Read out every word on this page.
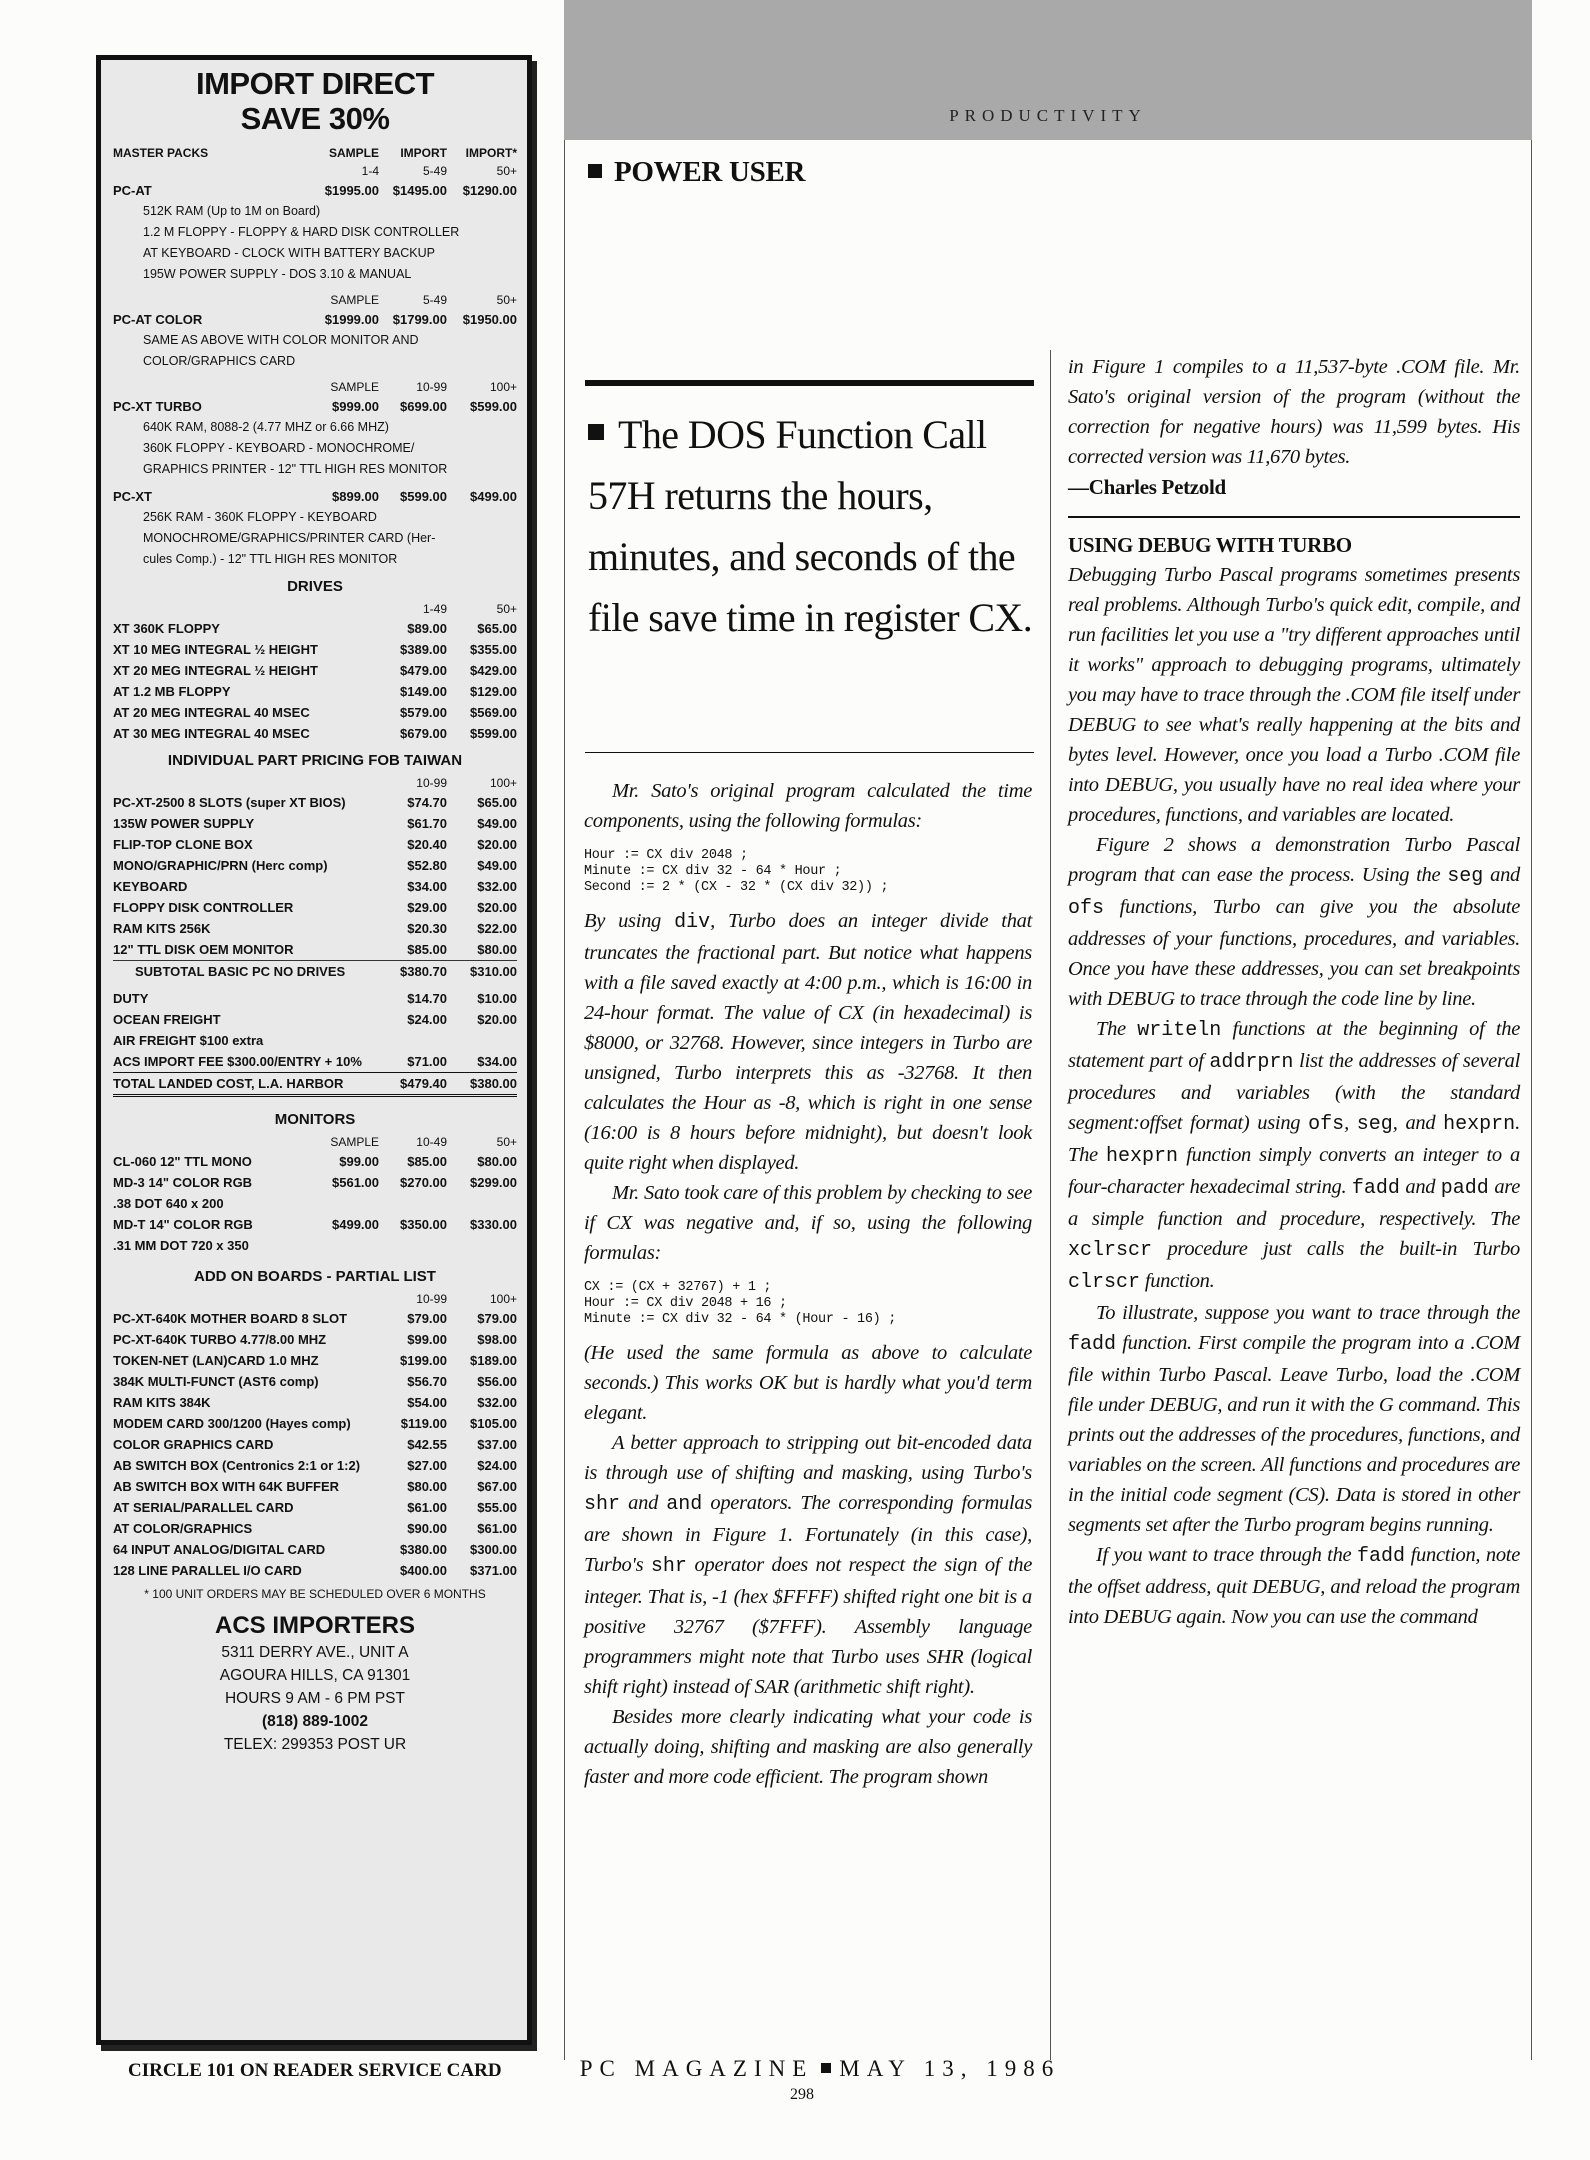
IMPORT DIRECT
SAVE 30%
MASTER PACKS	SAMPLE	IMPORT	IMPORT*
1-4	5-49	50+
PC-AT	$1995.00	$1495.00	$1290.00
512K RAM (Up to 1M on Board)
1.2 M FLOPPY - FLOPPY & HARD DISK CONTROLLER
AT KEYBOARD - CLOCK WITH BATTERY BACKUP
195W POWER SUPPLY - DOS 3.10 & MANUAL
SAMPLE	5-49	50+
PC-AT COLOR	$1999.00	$1799.00	$1950.00
SAME AS ABOVE WITH COLOR MONITOR AND
COLOR/GRAPHICS CARD
SAMPLE	10-99	100+
PC-XT TURBO	$999.00	$699.00	$599.00
640K RAM, 8088-2 (4.77 MHZ or 6.66 MHZ)
360K FLOPPY - KEYBOARD - MONOCHROME/
GRAPHICS PRINTER - 12" TTL HIGH RES MONITOR
PC-XT	$899.00	$599.00	$499.00
256K RAM - 360K FLOPPY - KEYBOARD
MONOCHROME/GRAPHICS/PRINTER CARD (Her-
cules Comp.) - 12" TTL HIGH RES MONITOR
DRIVES
1-49	50+
XT 360K FLOPPY	$89.00	$65.00
XT 10 MEG INTEGRAL ½ HEIGHT	$389.00	$355.00
XT 20 MEG INTEGRAL ½ HEIGHT	$479.00	$429.00
AT 1.2 MB FLOPPY	$149.00	$129.00
AT 20 MEG INTEGRAL 40 MSEC	$579.00	$569.00
AT 30 MEG INTEGRAL 40 MSEC	$679.00	$599.00
INDIVIDUAL PART PRICING FOB TAIWAN
10-99	100+
PC-XT-2500 8 SLOTS (super XT BIOS)	$74.70	$65.00
135W POWER SUPPLY	$61.70	$49.00
FLIP-TOP CLONE BOX	$20.40	$20.00
MONO/GRAPHIC/PRN (Herc comp)	$52.80	$49.00
KEYBOARD	$34.00	$32.00
FLOPPY DISK CONTROLLER	$29.00	$20.00
RAM KITS 256K	$20.30	$22.00
12" TTL DISK OEM MONITOR	$85.00	$80.00
SUBTOTAL BASIC PC NO DRIVES	$380.70	$310.00
DUTY	$14.70	$10.00
OCEAN FREIGHT	$24.00	$20.00
AIR FREIGHT $100 extra
ACS IMPORT FEE $300.00/ENTRY + 10%	$71.00	$34.00
TOTAL LANDED COST, L.A. HARBOR	$479.40	$380.00
MONITORS
SAMPLE	10-49	50+
CL-060 12" TTL MONO	$99.00	$85.00	$80.00
MD-3 14" COLOR RGB	$561.00	$270.00	$299.00
.38 DOT 640 x 200
MD-T 14" COLOR RGB	$499.00	$350.00	$330.00
.31 MM DOT 720 x 350
ADD ON BOARDS - PARTIAL LIST
10-99	100+
PC-XT-640K MOTHER BOARD 8 SLOT	$79.00	$79.00
PC-XT-640K TURBO 4.77/8.00 MHZ	$99.00	$98.00
TOKEN-NET (LAN)CARD 1.0 MHZ	$199.00	$189.00
384K MULTI-FUNCT (AST6 comp)	$56.70	$56.00
RAM KITS 384K	$54.00	$32.00
MODEM CARD 300/1200 (Hayes comp)	$119.00	$105.00
COLOR GRAPHICS CARD	$42.55	$37.00
AB SWITCH BOX (Centronics 2:1 or 1:2)	$27.00	$24.00
AB SWITCH BOX WITH 64K BUFFER	$80.00	$67.00
AT SERIAL/PARALLEL CARD	$61.00	$55.00
AT COLOR/GRAPHICS	$90.00	$61.00
64 INPUT ANALOG/DIGITAL CARD	$380.00	$300.00
128 LINE PARALLEL I/O CARD	$400.00	$371.00
* 100 UNIT ORDERS MAY BE SCHEDULED OVER 6 MONTHS
ACS IMPORTERS
5311 DERRY AVE., UNIT A
AGOURA HILLS, CA 91301
HOURS 9 AM - 6 PM PST
(818) 889-1002
TELEX: 299353 POST UR
CIRCLE 101 ON READER SERVICE CARD
PRODUCTIVITY
POWER USER
The DOS Function Call 57H returns the hours, minutes, and seconds of the file save time in register CX.

Mr. Sato's original program calculated the time components, using the following formulas:

Hour := CX div 2048 ;
Minute := CX div 32 - 64 * Hour ;
Second := 2 * (CX - 32 * (CX div 32)) ;

By using div, Turbo does an integer divide that truncates the fractional part. But notice what happens with a file saved exactly at 4:00 p.m., which is 16:00 in 24-hour format. The value of CX (in hexadecimal) is $8000, or 32768. However, since integers in Turbo are unsigned, Turbo interprets this as -32768. It then calculates the Hour as -8, which is right in one sense (16:00 is 8 hours before midnight), but doesn't look quite right when displayed.

Mr. Sato took care of this problem by checking to see if CX was negative and, if so, using the following formulas:

CX := (CX + 32767) + 1 ;
Hour := CX div 2048 + 16 ;
Minute := CX div 32 - 64 * (Hour - 16) ;

(He used the same formula as above to calculate seconds.) This works OK but is hardly what you'd term elegant.

A better approach to stripping out bit-encoded data is through use of shifting and masking, using Turbo's shr and and operators. The corresponding formulas are shown in Figure 1. Fortunately (in this case), Turbo's shr operator does not respect the sign of the integer. That is, -1 (hex $FFFF) shifted right one bit is a positive 32767 ($7FFF). Assembly language programmers might note that Turbo uses SHR (logical shift right) instead of SAR (arithmetic shift right).

Besides more clearly indicating what your code is actually doing, shifting and masking are also generally faster and more code efficient. The program shown

in Figure 1 compiles to a 11,537-byte .COM file. Mr. Sato's original version of the program (without the correction for negative hours) was 11,599 bytes. His corrected version was 11,670 bytes.

—Charles Petzold
USING DEBUG WITH TURBO

Debugging Turbo Pascal programs sometimes presents real problems. Although Turbo's quick edit, compile, and run facilities let you use a "try different approaches until it works" approach to debugging programs, ultimately you may have to trace through the .COM file itself under DEBUG to see what's really happening at the bits and bytes level. However, once you load a Turbo .COM file into DEBUG, you usually have no real idea where your procedures, functions, and variables are located.

Figure 2 shows a demonstration Turbo Pascal program that can ease the process. Using the seg and ofs functions, Turbo can give you the absolute addresses of your functions, procedures, and variables. Once you have these addresses, you can set breakpoints with DEBUG to trace through the code line by line.

The writeln functions at the beginning of the statement part of addrprn list the addresses of several procedures and variables (with the standard segment:offset format) using ofs, seg, and hexprn. The hexprn function simply converts an integer to a four-character hexadecimal string. fadd and padd are a simple function and procedure, respectively. The xclrscr procedure just calls the built-in Turbo clrscr function.

To illustrate, suppose you want to trace through the fadd function. First compile the program into a .COM file within Turbo Pascal. Leave Turbo, load the .COM file under DEBUG, and run it with the G command. This prints out the addresses of the procedures, functions, and variables on the screen. All functions and procedures are in the initial code segment (CS). Data is stored in other segments set after the Turbo program begins running.

If you want to trace through the fadd function, note the offset address, quit DEBUG, and reload the program into DEBUG again. Now you can use the command

PC MAGAZINE MAY 13, 1986
298
